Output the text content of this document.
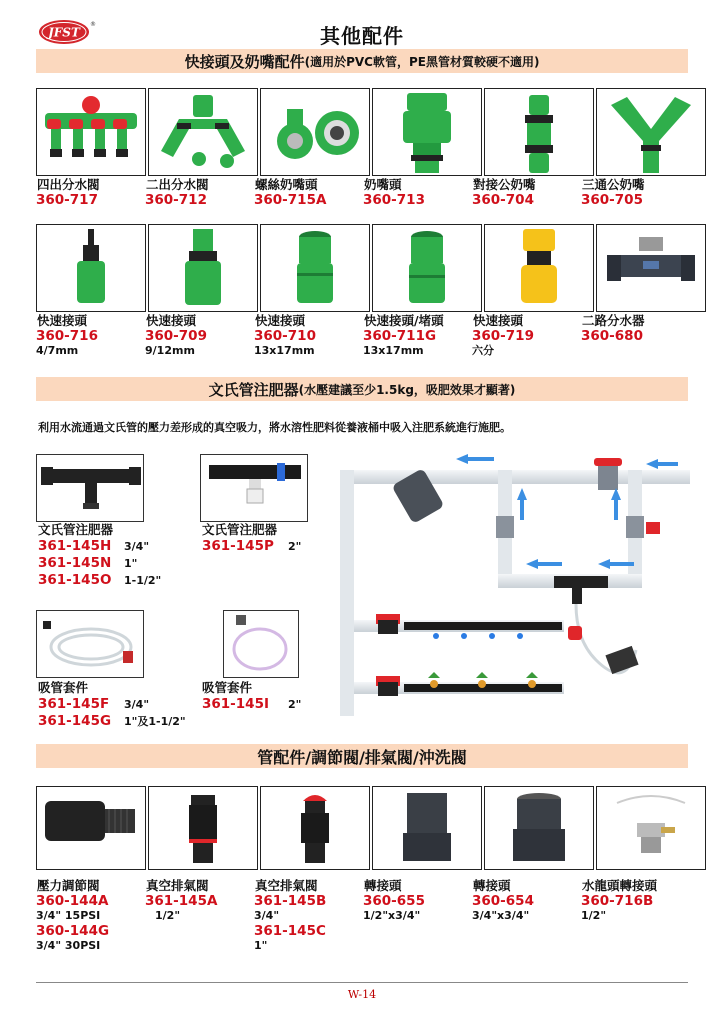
JFST
®	其他配件
快接頭及奶嘴配件 (適用於PVC軟管，PE黑管材質較硬不適用)
四出分水閥
360-717
二出分水閥
360-712
螺絲奶嘴頭
360-715A
奶嘴頭
360-713
對接公奶嘴
360-704
三通公奶嘴
360-705
快速接頭
360-716
4/7mm
快速接頭
360-709
9/12mm
快速接頭
360-710
13x17mm
快速接頭/堵頭
360-711G
13x17mm
快速接頭
360-719
六分
二路分水器
360-680
文氏管注肥器 (水壓建議至少1.5kg，吸肥效果才顯著)
利用水流通過文氏管的壓力差形成的真空吸力，將水溶性肥料從養液桶中吸入注肥系統進行施肥。
文氏管注肥器
361-145H 3/4"
361-145N 1"
361-145O 1-1/2"
文氏管注肥器
361-145P 2"
吸管套件
361-145F 3/4"
361-145G 1"及1-1/2"
吸管套件
361-145I 2"
管配件/調節閥/排氣閥/沖洗閥
壓力調節閥
360-144A
3/4" 15PSI
360-144G
3/4" 30PSI
真空排氣閥
361-145A
1/2"
真空排氣閥
361-145B
3/4"
361-145C
1"
轉接頭
360-655
1/2"x3/4"
轉接頭
360-654
3/4"x3/4"
水龍頭轉接頭
360-716B
1/2"
W-14
